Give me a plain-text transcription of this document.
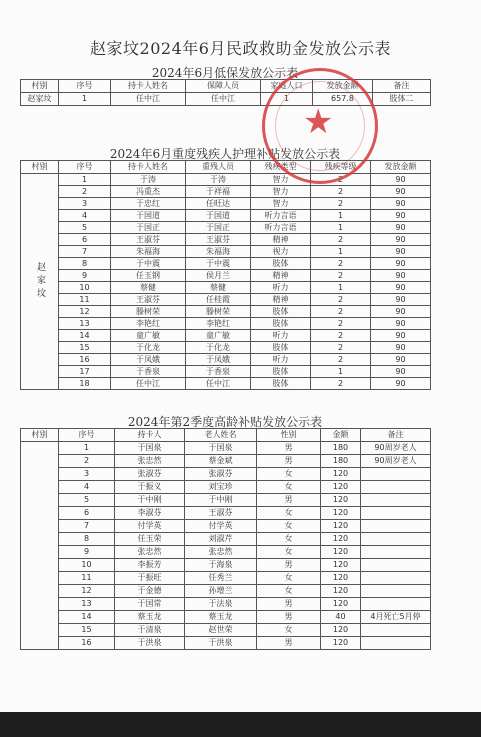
赵家坟2024年6月民政救助金发放公示表
2024年6月低保发放公示表
村别	序号	持卡人姓名	保障人员	家庭人口	发放金额	备注
赵家坟	1	任中江	任中江	1	657.8	肢体二
2024年6月重度残疾人护理补贴发放公示表
村别	序号	持卡人姓名	重残人员	残疾类型	残疾等级	发放金额
赵家坟	1	于涛	于涛	智力	2	90
	2	冯重杰	于祥福	智力	2	90
	3	于忠红	任旺达	智力	2	90
	4	于国道	于国道	听力言语	1	90
	5	于国正	于国正	听力言语	1	90
	6	王淑芬	王淑芬	精神	2	90
	7	朱福海	朱福海	视力	1	90
	8	于中震	于中震	肢体	2	90
	9	任玉钢	侯月兰	精神	2	90
	10	蔡健	蔡健	听力	1	90
	11	王淑芬	任桂霞	精神	2	90
	12	滕树荣	滕树荣	肢体	2	90
	13	李艳红	李艳红	肢体	2	90
	14	童广敏	童广敏	听力	2	90
	15	于化龙	于化龙	肢体	2	90
	16	于凤娥	于凤娥	听力	2	90
	17	于香泉	于香泉	肢体	1	90
	18	任中江	任中江	肢体	2	90
2024年第2季度高龄补贴发放公示表
村别	序号	持卡人	老人姓名	性别	金额	备注
	1	于国泉	于国泉	男	180	90周岁老人
	2	张忠然	蔡金斌	男	180	90周岁老人
	3	张淑芬	张淑芬	女	120	
	4	于振义	刘宝珍	女	120	
	5	于中刚	于中刚	男	120	
	6	李淑芬	王淑芬	女	120	
	7	付学英	付学英	女	120	
	8	任玉荣	刘淑芹	女	120	
	9	张忠然	张忠然	女	120	
	10	李振芳	于海泉	男	120	
	11	于振旺	任秀兰	女	120	
	12	于金德	孙增兰	女	120	
	13	于国常	于法泉	男	120	
	14	蔡玉龙	蔡玉龙	男	40	4月死亡5月停
	15	于清泉	赵世荣	女	120	
	16	于洪泉	于洪泉	男	120	
★
